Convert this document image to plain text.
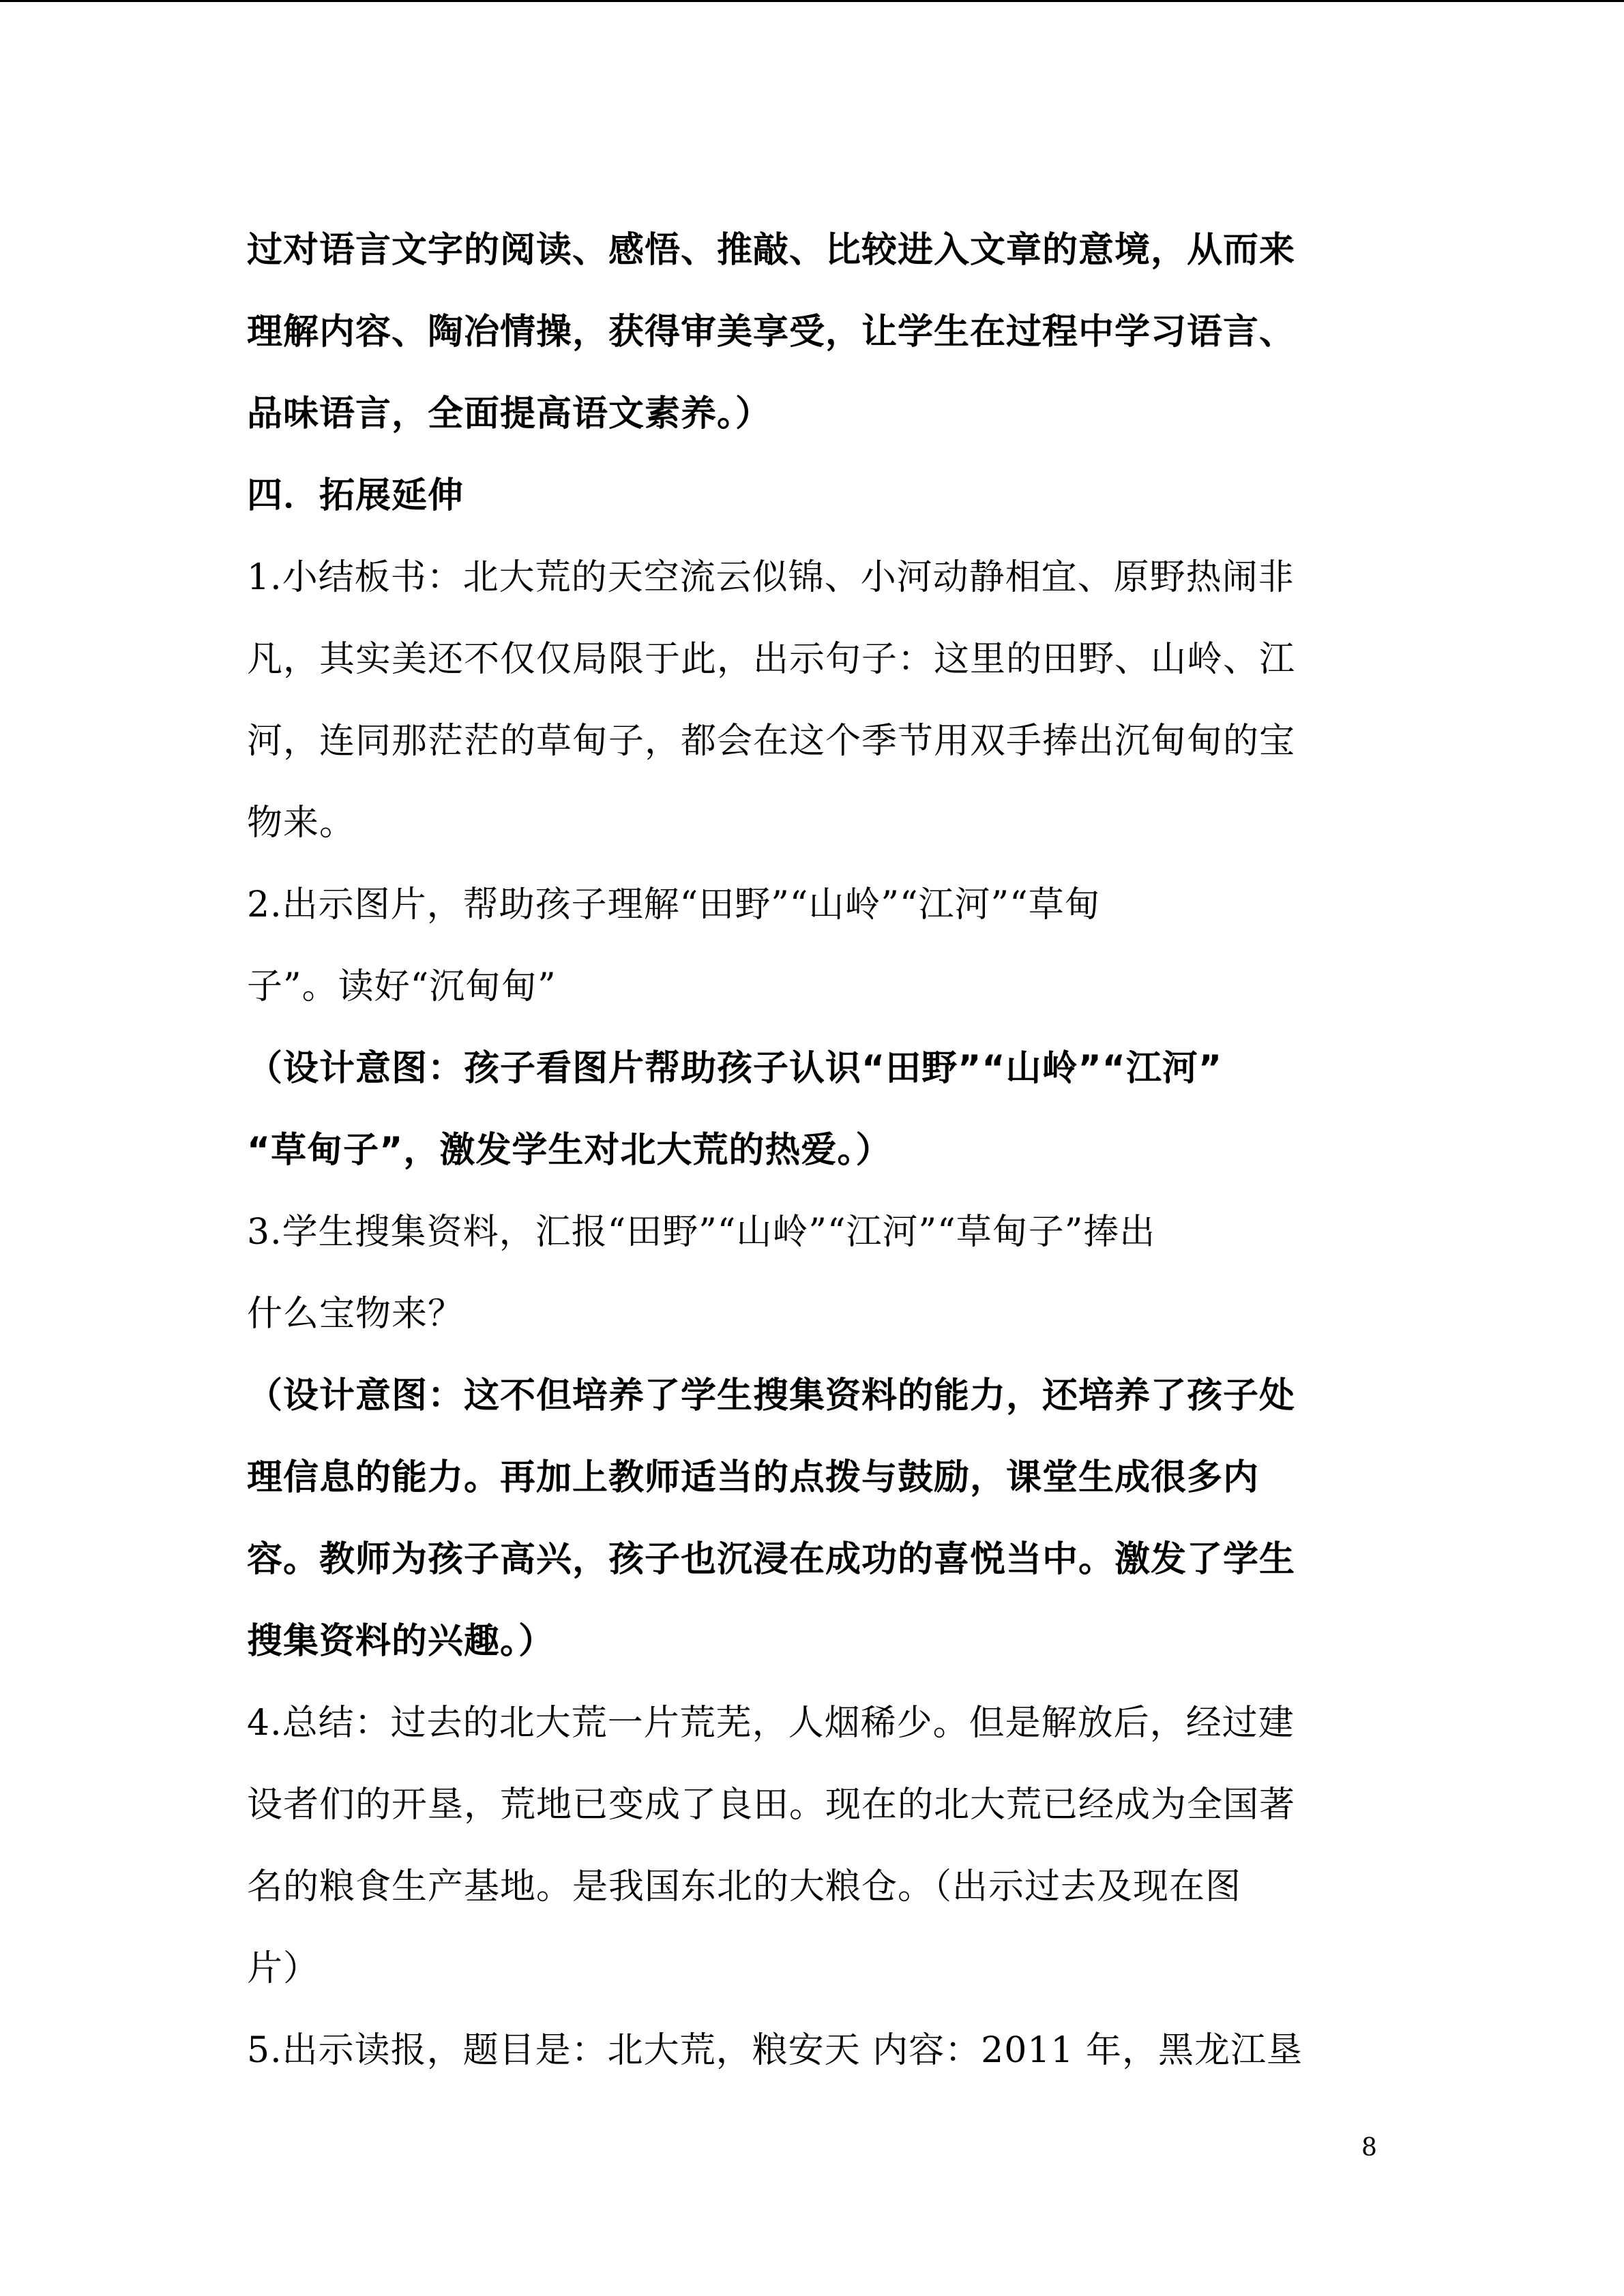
过对语言文字的阅读、感悟、推敲、比较进入文章的意境，从而来
理解内容、陶冶情操，获得审美享受，让学生在过程中学习语言、
品味语言，全面提高语文素养。）
四．拓展延伸
1.小结板书：北大荒的天空流云似锦、小河动静相宜、原野热闹非
凡，其实美还不仅仅局限于此，出示句子：这里的田野、山岭、江
河，连同那茫茫的草甸子，都会在这个季节用双手捧出沉甸甸的宝
物来。
2.出示图片，帮助孩子理解“田野”“山岭”“江河”“草甸
子”。读好“沉甸甸”
（设计意图：孩子看图片帮助孩子认识“田野”“山岭”“江河”
“草甸子”，激发学生对北大荒的热爱。）
3.学生搜集资料，汇报“田野”“山岭”“江河”“草甸子”捧出
什么宝物来？
（设计意图：这不但培养了学生搜集资料的能力，还培养了孩子处
理信息的能力。再加上教师适当的点拨与鼓励，课堂生成很多内
容。教师为孩子高兴，孩子也沉浸在成功的喜悦当中。激发了学生
搜集资料的兴趣。）
4.总结：过去的北大荒一片荒芜，人烟稀少。但是解放后，经过建
设者们的开垦，荒地已变成了良田。现在的北大荒已经成为全国著
名的粮食生产基地。是我国东北的大粮仓。（出示过去及现在图
片）
5.出示读报，题目是：北大荒，粮安天 内容：2011 年，黑龙江垦
8
